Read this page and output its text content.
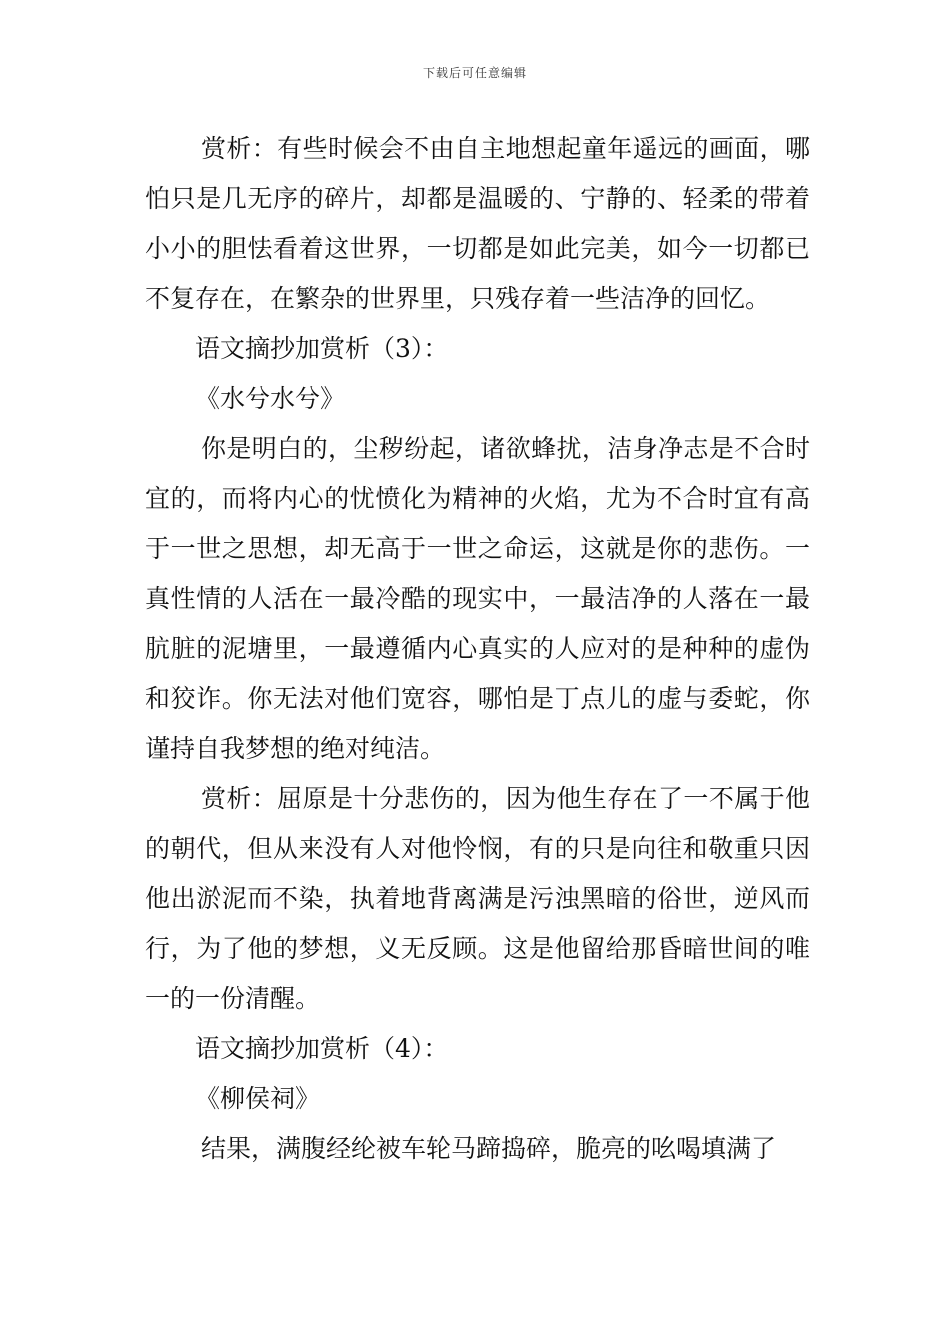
下载后可任意编辑

赏析：有些时候会不由自主地想起童年遥远的画面，哪怕只是几无序的碎片，却都是温暖的、宁静的、轻柔的带着小小的胆怯看着这世界，一切都是如此完美，如今一切都已不复存在，在繁杂的世界里，只残存着一些洁净的回忆。

语文摘抄加赏析（3）：

《水兮水兮》

你是明白的，尘秽纷起，诸欲蜂扰，洁身净志是不合时宜的，而将内心的忧愤化为精神的火焰，尤为不合时宜有高于一世之思想，却无高于一世之命运，这就是你的悲伤。一真性情的人活在一最冷酷的现实中，一最洁净的人落在一最肮脏的泥塘里，一最遵循内心真实的人应对的是种种的虚伪和狡诈。你无法对他们宽容，哪怕是丁点儿的虚与委蛇，你谨持自我梦想的绝对纯洁。

赏析：屈原是十分悲伤的，因为他生存在了一不属于他的朝代，但从来没有人对他怜悯，有的只是向往和敬重只因他出淤泥而不染，执着地背离满是污浊黑暗的俗世，逆风而行，为了他的梦想，义无反顾。这是他留给那昏暗世间的唯一的一份清醒。

语文摘抄加赏析（4）：

《柳侯祠》

结果，满腹经纶被车轮马蹄捣碎，脆亮的吆喝填满了
